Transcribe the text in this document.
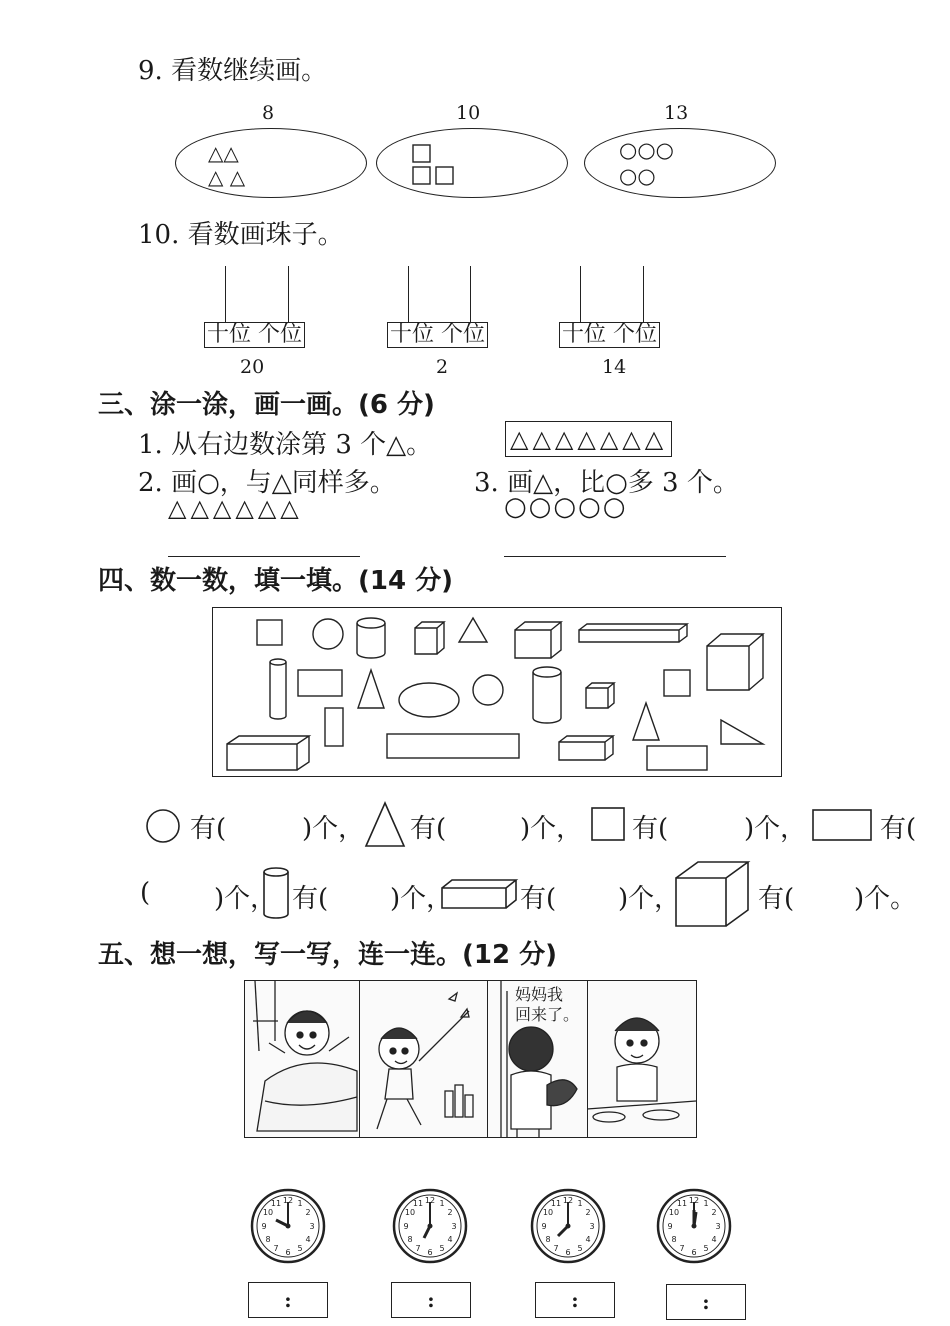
9. 看数继续画。
8	10	13
△△
△ △
○○○
○○
10. 看数画珠子。
十位 个位
20
十位 个位
2
十位 个位
14
三、涂一涂，画一画。(6 分)
1. 从右边数涂第 3 个△。	△△△△△△△
2. 画○，与△同样多。	3. 画△，比○多 3 个。
△△△△△△	○○○○○
四、数一数，填一填。(14 分)
有(	)个， 有(	)个， 有(	)个，	有(
( )个， 有( )个，	有( )个，	有( )个。
五、想一想，写一写，连一连。(12 分)
妈妈我
回来了。
12 1
2
3
4
5
6
7
8
9
10
11	12 1
2
3
4
5
6
7
8
9
10
11	12 1
2
3
4
5
6
7
8
9
10
11	12 1
2
3
4
5
6
7
8
9
10
11
:	:	:	:
